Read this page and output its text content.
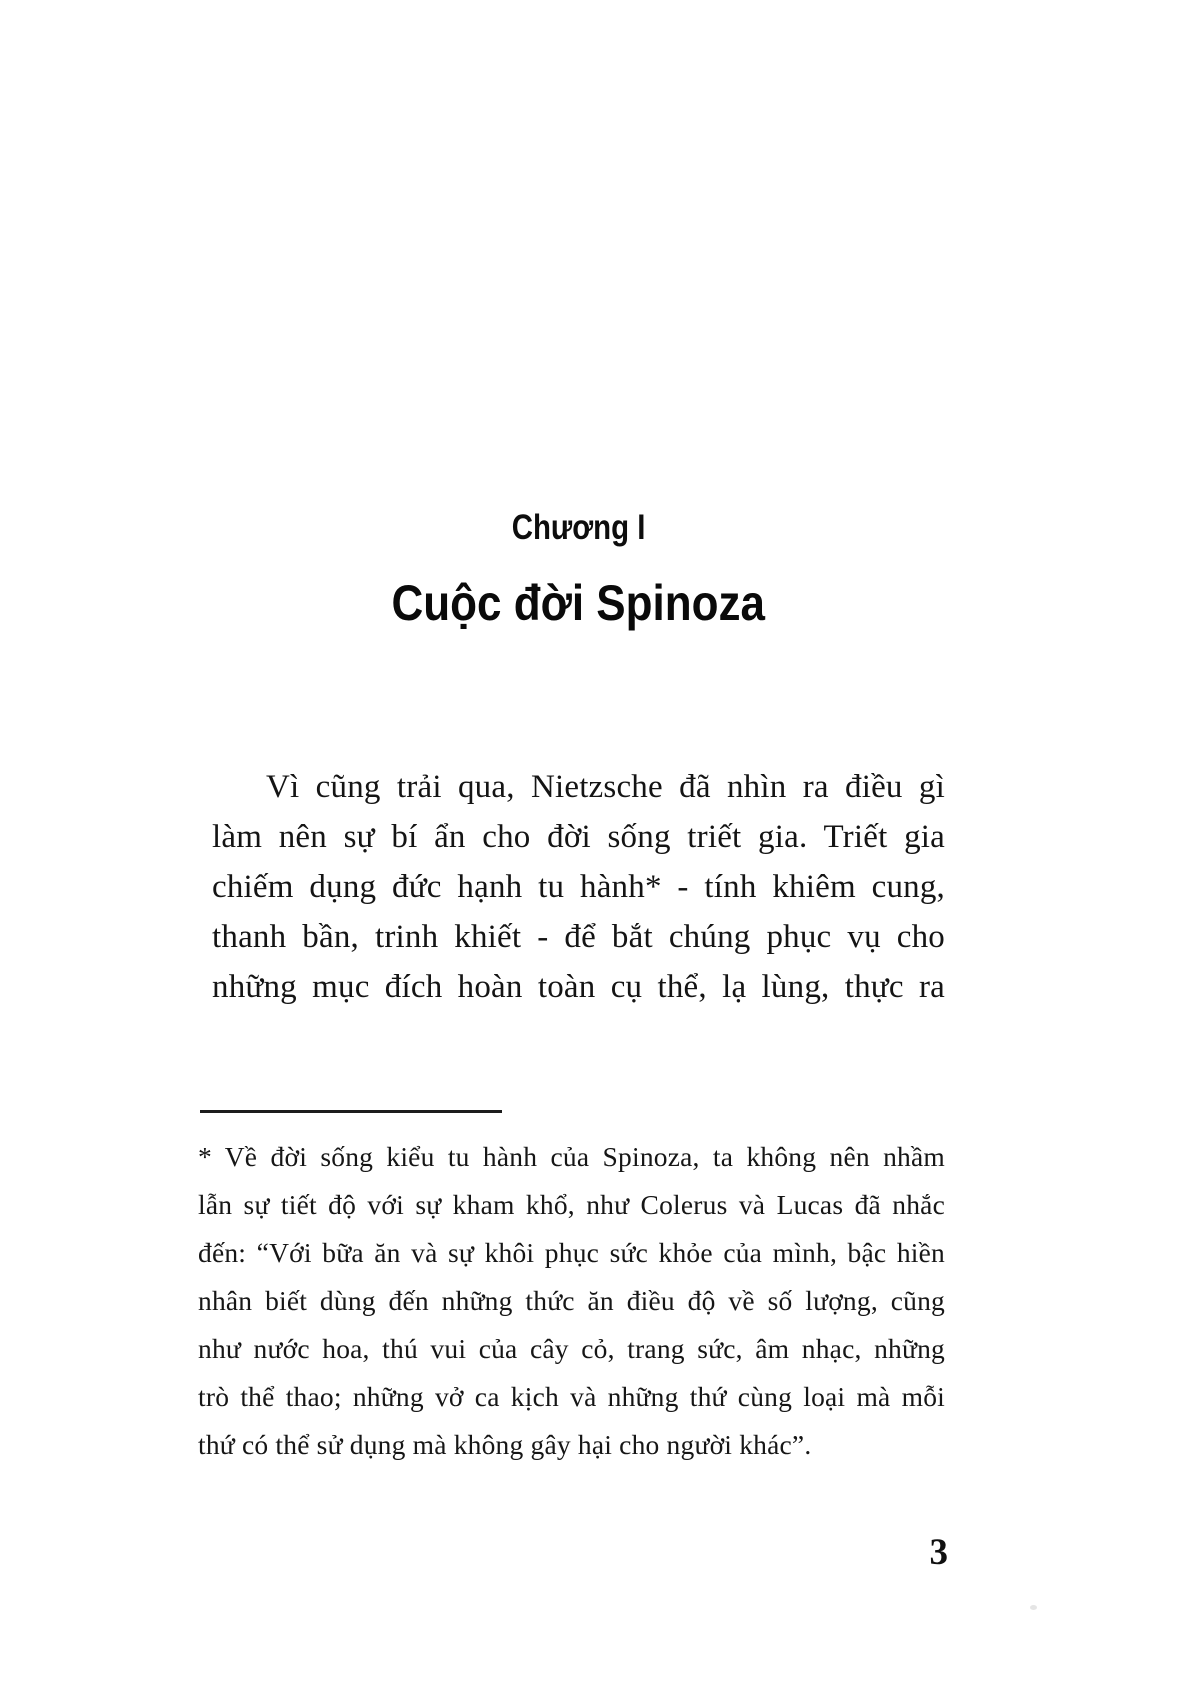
Chương I
Cuộc đời Spinoza
Vì cũng trải qua, Nietzsche đã nhìn ra điều gì
làm nên sự bí ẩn cho đời sống triết gia. Triết gia
chiếm dụng đức hạnh tu hành* - tính khiêm cung,
thanh bần, trinh khiết - để bắt chúng phục vụ cho
những mục đích hoàn toàn cụ thể, lạ lùng, thực ra
* Về đời sống kiểu tu hành của Spinoza, ta không nên nhầm
lẫn sự tiết độ với sự kham khổ, như Colerus và Lucas đã nhắc
đến: “Với bữa ăn và sự khôi phục sức khỏe của mình, bậc hiền
nhân biết dùng đến những thức ăn điều độ về số lượng, cũng
như nước hoa, thú vui của cây cỏ, trang sức, âm nhạc, những
trò thể thao; những vở ca kịch và những thứ cùng loại mà mỗi
thứ có thể sử dụng mà không gây hại cho người khác”.
3
